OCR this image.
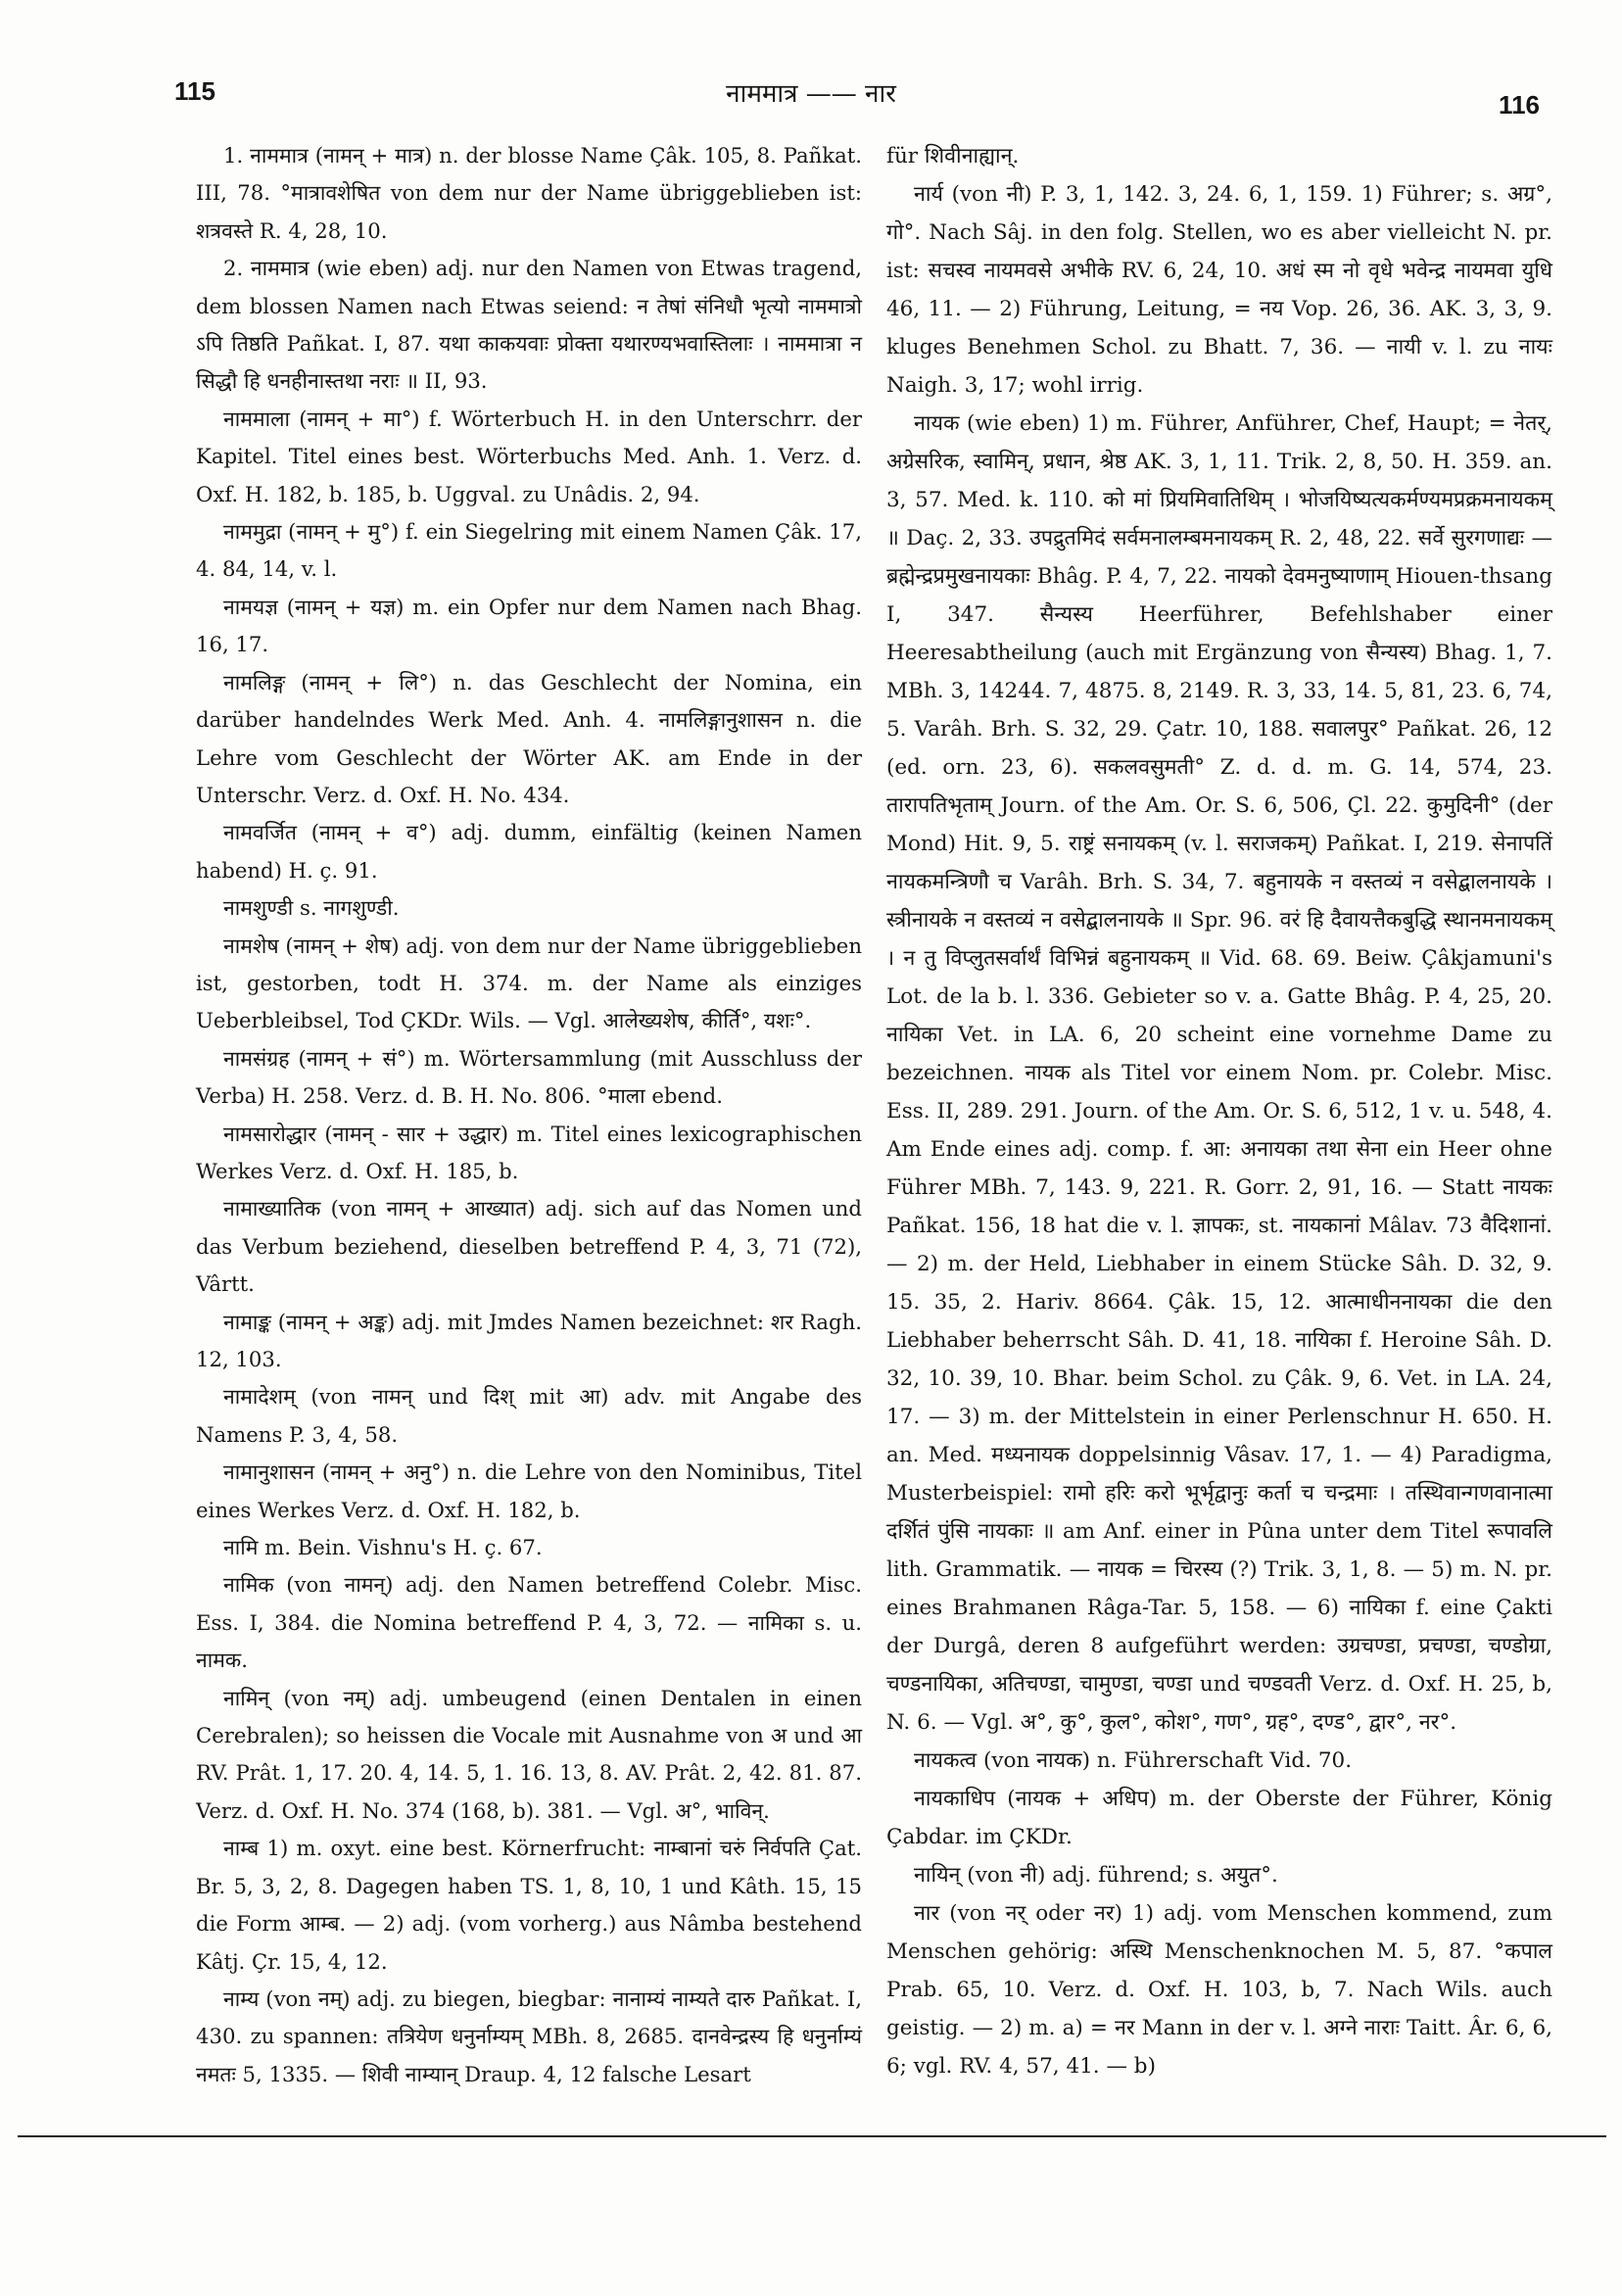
115	नाममात्र —— नार	116

1. नाममात्र (नामन् + मात्र) n. der blosse Name Çâk. 105, 8. Pañkat. III, 78. °मात्रावशेषित von dem nur der Name übriggeblieben ist: शत्रवस्ते R. 4, 28, 10.

2. नाममात्र (wie eben) adj. nur den Namen von Etwas tragend, dem blossen Namen nach Etwas seiend: न तेषां संनिधौ भृत्यो नाममात्रो ऽपि तिष्ठति Pañkat. I, 87. यथा काकयवाः प्रोक्ता यथारण्यभवास्तिलाः । नाममात्रा न सिद्धौ हि धनहीनास्तथा नराः ॥ II, 93.

नाममाला (नामन् + मा°) f. Wörterbuch H. in den Unterschrr. der Kapitel. Titel eines best. Wörterbuchs Med. Anh. 1. Verz. d. Oxf. H. 182, b. 185, b. Uggval. zu Unâdis. 2, 94.

नाममुद्रा (नामन् + मु°) f. ein Siegelring mit einem Namen Çâk. 17, 4. 84, 14, v. l.

नामयज्ञ (नामन् + यज्ञ) m. ein Opfer nur dem Namen nach Bhag. 16, 17.

नामलिङ्ग (नामन् + लि°) n. das Geschlecht der Nomina, ein darüber handelndes Werk Med. Anh. 4. नामलिङ्गानुशासन n. die Lehre vom Geschlecht der Wörter AK. am Ende in der Unterschr. Verz. d. Oxf. H. No. 434.

नामवर्जित (नामन् + व°) adj. dumm, einfältig (keinen Namen habend) H. ç. 91.

नामशुण्डी s. नागशुण्डी.

नामशेष (नामन् + शेष) adj. von dem nur der Name übriggeblieben ist, gestorben, todt H. 374. m. der Name als einziges Ueberbleibsel, Tod ÇKDr. Wils. — Vgl. आलेख्यशेष, कीर्ति°, यशः°.

नामसंग्रह (नामन् + सं°) m. Wörtersammlung (mit Ausschluss der Verba) H. 258. Verz. d. B. H. No. 806. °माला ebend.

नामसारोद्धार (नामन् - सार + उद्धार) m. Titel eines lexicographischen Werkes Verz. d. Oxf. H. 185, b.

नामाख्यातिक (von नामन् + आख्यात) adj. sich auf das Nomen und das Verbum beziehend, dieselben betreffend P. 4, 3, 71 (72), Vârtt.

नामाङ्क (नामन् + अङ्क) adj. mit Jmdes Namen bezeichnet: शर Ragh. 12, 103.

नामादेशम् (von नामन् und दिश् mit आ) adv. mit Angabe des Namens P. 3, 4, 58.

नामानुशासन (नामन् + अनु°) n. die Lehre von den Nominibus, Titel eines Werkes Verz. d. Oxf. H. 182, b.

नामि m. Bein. Vishnu's H. ç. 67.

नामिक (von नामन्) adj. den Namen betreffend Colebr. Misc. Ess. I, 384. die Nomina betreffend P. 4, 3, 72. — नामिका s. u. नामक.

नामिन् (von नम्) adj. umbeugend (einen Dentalen in einen Cerebralen); so heissen die Vocale mit Ausnahme von अ und आ RV. Prât. 1, 17. 20. 4, 14. 5, 1. 16. 13, 8. AV. Prât. 2, 42. 81. 87. Verz. d. Oxf. H. No. 374 (168, b). 381. — Vgl. अ°, भाविन्.

नाम्ब 1) m. oxyt. eine best. Körnerfrucht: नाम्बानां चरुं निर्वपति Çat. Br. 5, 3, 2, 8. Dagegen haben TS. 1, 8, 10, 1 und Kâth. 15, 15 die Form आम्ब. — 2) adj. (vom vorherg.) aus Nâmba bestehend Kâtj. Çr. 15, 4, 12.

नाम्य (von नम्) adj. zu biegen, biegbar: नानाम्यं नाम्यते दारु Pañkat. I, 430. zu spannen: तत्रियेण धनुर्नाम्यम् MBh. 8, 2685. दानवेन्द्रस्य हि धनुर्नाम्यं नमतः 5, 1335. — शिवी नाम्यान् Draup. 4, 12 falsche Lesart

für शिवीनाह्यान्.

नार्य (von नी) P. 3, 1, 142. 3, 24. 6, 1, 159. 1) Führer; s. अग्र°, गो°. Nach Sâj. in den folg. Stellen, wo es aber vielleicht N. pr. ist: सचस्व नायमवसे अभीके RV. 6, 24, 10. अधं स्म नो वृधे भवेन्द्र नायमवा युधि 46, 11. — 2) Führung, Leitung, = नय Vop. 26, 36. AK. 3, 3, 9. kluges Benehmen Schol. zu Bhatt. 7, 36. — नायी v. l. zu नायः Naigh. 3, 17; wohl irrig.

नायक (wie eben) 1) m. Führer, Anführer, Chef, Haupt; = नेतर्, अग्रेसरिक, स्वामिन्, प्रधान, श्रेष्ठ AK. 3, 1, 11. Trik. 2, 8, 50. H. 359. an. 3, 57. Med. k. 110. को मां प्रियमिवातिथिम् । भोजयिष्यत्यकर्मण्यमप्रक्रमनायकम् ॥ Daç. 2, 33. उपद्रुतमिदं सर्वमनालम्बमनायकम् R. 2, 48, 22. सर्वे सुरगणाद्यः — ब्रह्मेन्द्रप्रमुखनायकाः Bhâg. P. 4, 7, 22. नायको देवमनुष्याणाम् Hiouen-thsang I, 347. सैन्यस्य Heerführer, Befehlshaber einer Heeresabtheilung (auch mit Ergänzung von सैन्यस्य) Bhag. 1, 7. MBh. 3, 14244. 7, 4875. 8, 2149. R. 3, 33, 14. 5, 81, 23. 6, 74, 5. Varâh. Brh. S. 32, 29. Çatr. 10, 188. सवालपुर° Pañkat. 26, 12 (ed. orn. 23, 6). सकलवसुमती° Z. d. d. m. G. 14, 574, 23. तारापतिभृताम् Journ. of the Am. Or. S. 6, 506, Çl. 22. कुमुदिनी° (der Mond) Hit. 9, 5. राष्ट्रं सनायकम् (v. l. सराजकम्) Pañkat. I, 219. सेनापतिं नायकमन्त्रिणौ च Varâh. Brh. S. 34, 7. बहुनायके न वस्तव्यं न वसेद्बालनायके । स्त्रीनायके न वस्तव्यं न वसेद्बालनायके ॥ Spr. 96. वरं हि दैवायत्तैकबुद्धि स्थानमनायकम् । न तु विप्लुतसर्वार्थं विभिन्नं बहुनायकम् ॥ Vid. 68. 69. Beiw. Çâkjamuni's Lot. de la b. l. 336. Gebieter so v. a. Gatte Bhâg. P. 4, 25, 20. नायिका Vet. in LA. 6, 20 scheint eine vornehme Dame zu bezeichnen. नायक als Titel vor einem Nom. pr. Colebr. Misc. Ess. II, 289. 291. Journ. of the Am. Or. S. 6, 512, 1 v. u. 548, 4. Am Ende eines adj. comp. f. आ: अनायका तथा सेना ein Heer ohne Führer MBh. 7, 143. 9, 221. R. Gorr. 2, 91, 16. — Statt नायकः Pañkat. 156, 18 hat die v. l. ज्ञापकः, st. नायकानां Mâlav. 73 वैदिशानां. — 2) m. der Held, Liebhaber in einem Stücke Sâh. D. 32, 9. 15. 35, 2. Hariv. 8664. Çâk. 15, 12. आत्माधीननायका die den Liebhaber beherrscht Sâh. D. 41, 18. नायिका f. Heroine Sâh. D. 32, 10. 39, 10. Bhar. beim Schol. zu Çâk. 9, 6. Vet. in LA. 24, 17. — 3) m. der Mittelstein in einer Perlenschnur H. 650. H. an. Med. मध्यनायक doppelsinnig Vâsav. 17, 1. — 4) Paradigma, Musterbeispiel: रामो हरिः करो भूर्भृद्वानुः कर्ता च चन्द्रमाः । तस्थिवान्गणवानात्मा दर्शितं पुंसि नायकाः ॥ am Anf. einer in Pûna unter dem Titel रूपावलि lith. Grammatik. — नायक = चिरस्य (?) Trik. 3, 1, 8. — 5) m. N. pr. eines Brahmanen Râga-Tar. 5, 158. — 6) नायिका f. eine Çakti der Durgâ, deren 8 aufgeführt werden: उग्रचण्डा, प्रचण्डा, चण्डोग्रा, चण्डनायिका, अतिचण्डा, चामुण्डा, चण्डा und चण्डवती Verz. d. Oxf. H. 25, b, N. 6. — Vgl. अ°, कु°, कुल°, कोश°, गण°, ग्रह°, दण्ड°, द्वार°, नर°.

नायकत्व (von नायक) n. Führerschaft Vid. 70.

नायकाधिप (नायक + अधिप) m. der Oberste der Führer, König Çabdar. im ÇKDr.

नायिन् (von नी) adj. führend; s. अयुत°.

नार (von नर् oder नर) 1) adj. vom Menschen kommend, zum Menschen gehörig: अस्थि Menschenknochen M. 5, 87. °कपाल Prab. 65, 10. Verz. d. Oxf. H. 103, b, 7. Nach Wils. auch geistig. — 2) m. a) = नर Mann in der v. l. अग्ने नाराः Taitt. Âr. 6, 6, 6; vgl. RV. 4, 57, 41. — b)
